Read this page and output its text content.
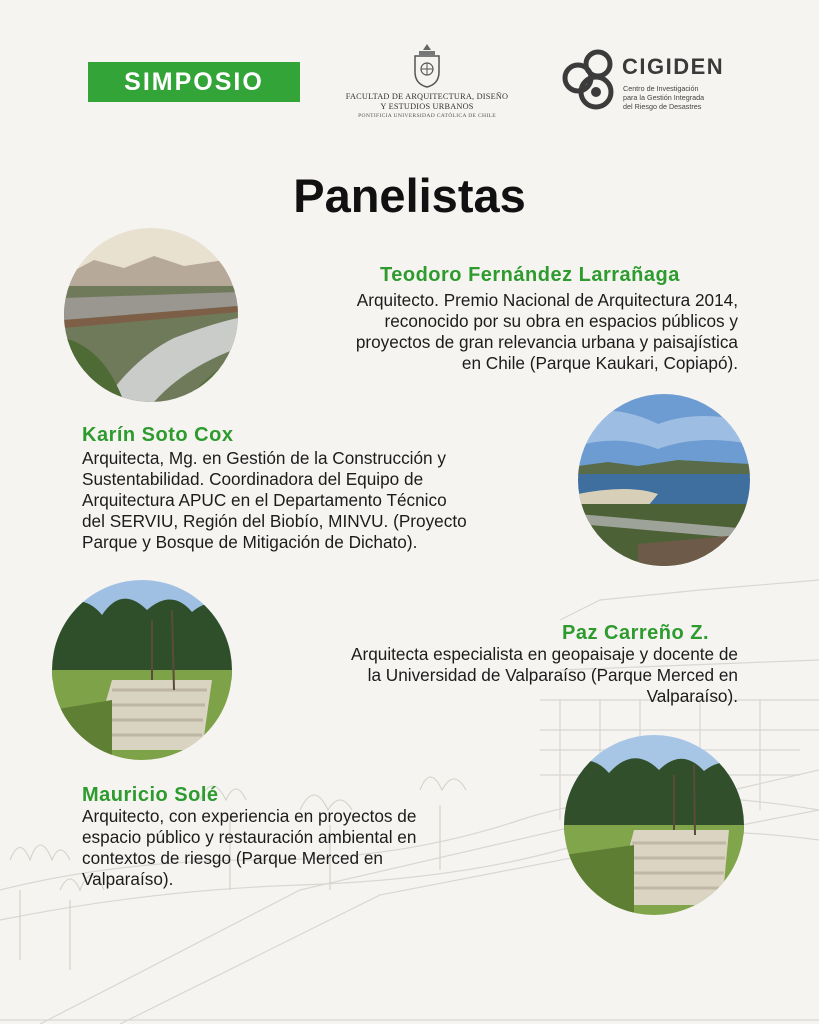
SIMPOSIO
FACULTAD DE ARQUITECTURA, DISEÑO
Y ESTUDIOS URBANOS
PONTIFICIA UNIVERSIDAD CATÓLICA DE CHILE
CIGIDEN
Centro de Investigación
para la Gestión Integrada
del Riesgo de Desastres
Panelistas
Teodoro Fernández Larrañaga
Arquitecto. Premio Nacional de Arquitectura 2014,
reconocido por su obra en espacios públicos y
proyectos de gran relevancia urbana y paisajística
en Chile (Parque Kaukari, Copiapó).
Karín Soto Cox
Arquitecta, Mg. en Gestión de la Construcción y
Sustentabilidad. Coordinadora del Equipo de
Arquitectura APUC en el Departamento Técnico
del SERVIU, Región del Biobío, MINVU. (Proyecto
Parque y Bosque de Mitigación de Dichato).
Paz Carreño Z.
Arquitecta especialista en geopaisaje y docente de
la Universidad de Valparaíso (Parque Merced en
Valparaíso).
Mauricio Solé
Arquitecto, con experiencia en proyectos de
espacio público y restauración ambiental en
contextos de riesgo (Parque Merced en
Valparaíso).
